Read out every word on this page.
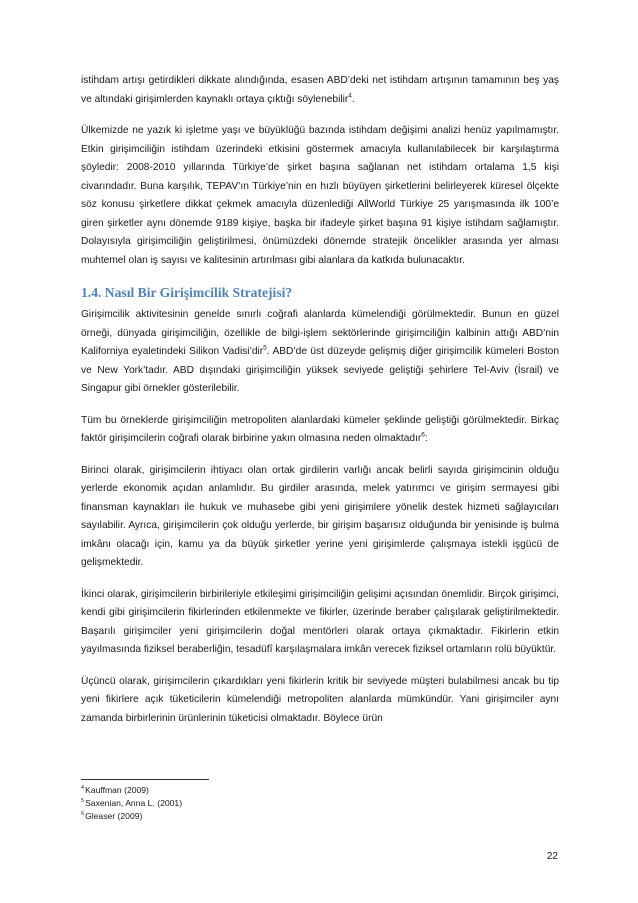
istihdam artışı getirdikleri dikkate alındığında, esasen ABD’deki net istihdam artışının tamamının beş yaş ve altındaki girişimlerden kaynaklı ortaya çıktığı söylenebilir$^4$.

Ülkemizde ne yazık ki işletme yaşı ve büyüklüğü bazında istihdam değişimi analizi henüz yapılmamıştır. Etkin girişimciliğin istihdam üzerindeki etkisini göstermek amacıyla kullanılabilecek bir karşılaştırma şöyledir: 2008-2010 yıllarında Türkiye’de şirket başına sağlanan net istihdam ortalama 1,5 kişi civarındadır. Buna karşılık, TEPAV’ın Türkiye’nin en hızlı büyüyen şirketlerini belirleyerek küresel ölçekte söz konusu şirketlere dikkat çekmek amacıyla düzenlediği AllWorld Türkiye 25 yarışmasında ilk 100’e giren şirketler aynı dönemde 9189 kişiye, başka bir ifadeyle şirket başına 91 kişiye istihdam sağlamıştır. Dolayısıyla girişimciliğin geliştirilmesi, önümüzdeki dönemde stratejik öncelikler arasında yer alması muhtemel olan iş sayısı ve kalitesinin artırılması gibi alanlara da katkıda bulunacaktır.

1.4. Nasıl Bir Girişimcilik Stratejisi?

Girişimcilik aktivitesinin genelde sınırlı coğrafi alanlarda kümelendiği görülmektedir. Bunun en güzel örneği, dünyada girişimciliğin, özellikle de bilgi-işlem sektörlerinde girişimciliğin kalbinin attığı ABD’nin Kaliforniya eyaletindeki Silikon Vadisi’dir$^5$. ABD’de üst düzeyde gelişmiş diğer girişimcilik kümeleri Boston ve New York’tadır. ABD dışındaki girişimciliğin yüksek seviyede geliştiği şehirlere Tel-Aviv (İsrail) ve Singapur gibi örnekler gösterilebilir.

Tüm bu örneklerde girişimciliğin metropoliten alanlardaki kümeler şeklinde geliştiği görülmektedir. Birkaç faktör girişimcilerin coğrafi olarak birbirine yakın olmasına neden olmaktadır$^6$:

Birinci olarak, girişimcilerin ihtiyacı olan ortak girdilerin varlığı ancak belirli sayıda girişimcinin olduğu yerlerde ekonomik açıdan anlamlıdır. Bu girdiler arasında, melek yatırımcı ve girişim sermayesi gibi finansman kaynakları ile hukuk ve muhasebe gibi yeni girişimlere yönelik destek hizmeti sağlayıcıları sayılabilir. Ayrıca, girişimcilerin çok olduğu yerlerde, bir girişim başarısız olduğunda bir yenisinde iş bulma imkânı olacağı için, kamu ya da büyük şirketler yerine yeni girişimlerde çalışmaya istekli işgücü de gelişmektedir.

İkinci olarak, girişimcilerin birbirileriyle etkileşimi girişimciliğin gelişimi açısından önemlidir. Birçok girişimci, kendi gibi girişimcilerin fikirlerinden etkilenmekte ve fikirler, üzerinde beraber çalışılarak geliştirilmektedir. Başarılı girişimciler yeni girişimcilerin doğal mentörleri olarak ortaya çıkmaktadır. Fikirlerin etkin yayılmasında fiziksel beraberliğin, tesadüfî karşılaşmalara imkân verecek fiziksel ortamların rolü büyüktür.

Üçüncü olarak, girişimcilerin çıkardıkları yeni fikirlerin kritik bir seviyede müşteri bulabilmesi ancak bu tip yeni fikirlere açık tüketicilerin kümelendiği metropoliten alanlarda mümkündür. Yani girişimciler aynı zamanda birbirlerinin ürünlerinin tüketicisi olmaktadır. Böylece ürün

$^4$Kauffman (2009)

$^5$Saxenian, Anna L. (2001)

$^6$Gleaser (2009)

22
